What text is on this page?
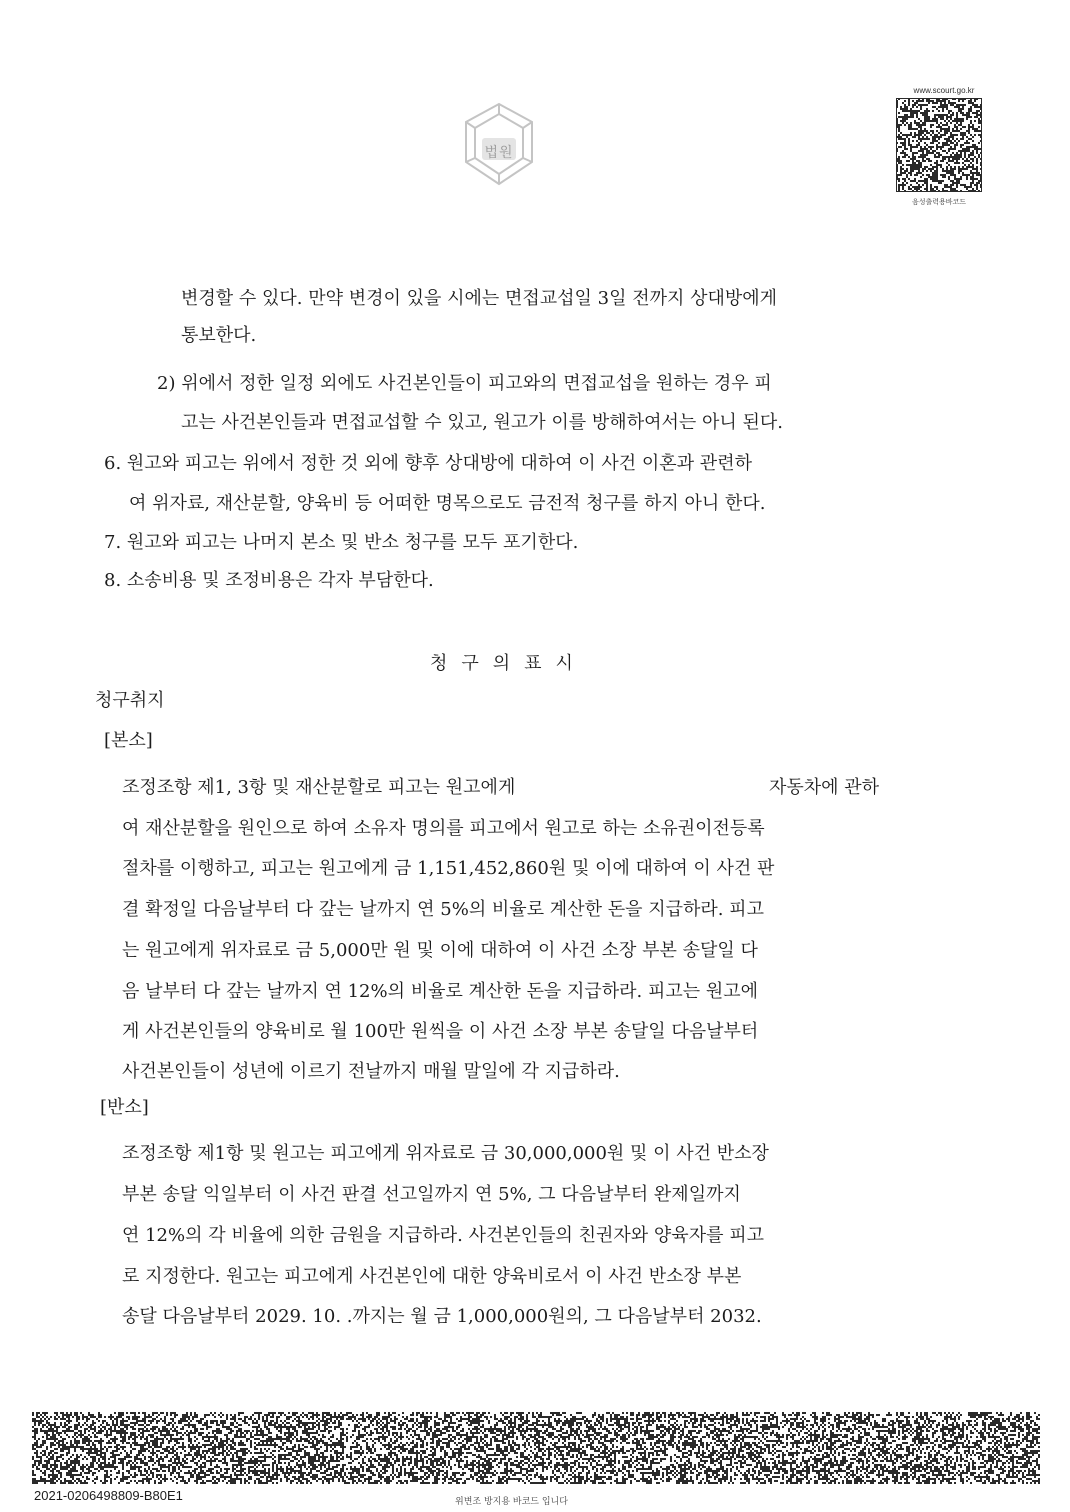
법원
www.scourt.go.kr
음성출력용바코드
변경할 수 있다. 만약 변경이 있을 시에는 면접교섭일 3일 전까지 상대방에게
통보한다.
2) 위에서 정한 일정 외에도 사건본인들이 피고와의 면접교섭을 원하는 경우 피
고는 사건본인들과 면접교섭할 수 있고, 원고가 이를 방해하여서는 아니 된다.
6. 원고와 피고는 위에서 정한 것 외에 향후 상대방에 대하여 이 사건 이혼과 관련하
여 위자료, 재산분할, 양육비 등 어떠한 명목으로도 금전적 청구를 하지 아니 한다.
7. 원고와 피고는 나머지 본소 및 반소 청구를 모두 포기한다.
8. 소송비용 및 조정비용은 각자 부담한다.
청구의표시
청구취지
[본소]
조정조항 제1, 3항 및 재산분할로 피고는 원고에게	자동차에 관하
여 재산분할을 원인으로 하여 소유자 명의를 피고에서 원고로 하는 소유권이전등록
절차를 이행하고, 피고는 원고에게 금 1,151,452,860원 및 이에 대하여 이 사건 판
결 확정일 다음날부터 다 갚는 날까지 연 5%의 비율로 계산한 돈을 지급하라. 피고
는 원고에게 위자료로 금 5,000만 원 및 이에 대하여 이 사건 소장 부본 송달일 다
음 날부터 다 갚는 날까지 연 12%의 비율로 계산한 돈을 지급하라. 피고는 원고에
게 사건본인들의 양육비로 월 100만 원씩을 이 사건 소장 부본 송달일 다음날부터
사건본인들이 성년에 이르기 전날까지 매월 말일에 각 지급하라.
[반소]
조정조항 제1항 및 원고는 피고에게 위자료로 금 30,000,000원 및 이 사건 반소장
부본 송달 익일부터 이 사건 판결 선고일까지 연 5%, 그 다음날부터 완제일까지
연 12%의 각 비율에 의한 금원을 지급하라. 사건본인들의 친권자와 양육자를 피고
로 지정한다. 원고는 피고에게 사건본인에 대한 양육비로서 이 사건 반소장 부본
송달 다음날부터 2029. 10. .까지는 월 금 1,000,000원의, 그 다음날부터 2032.
2021-0206498809-B80E1	위변조 방지용 바코드 입니다
